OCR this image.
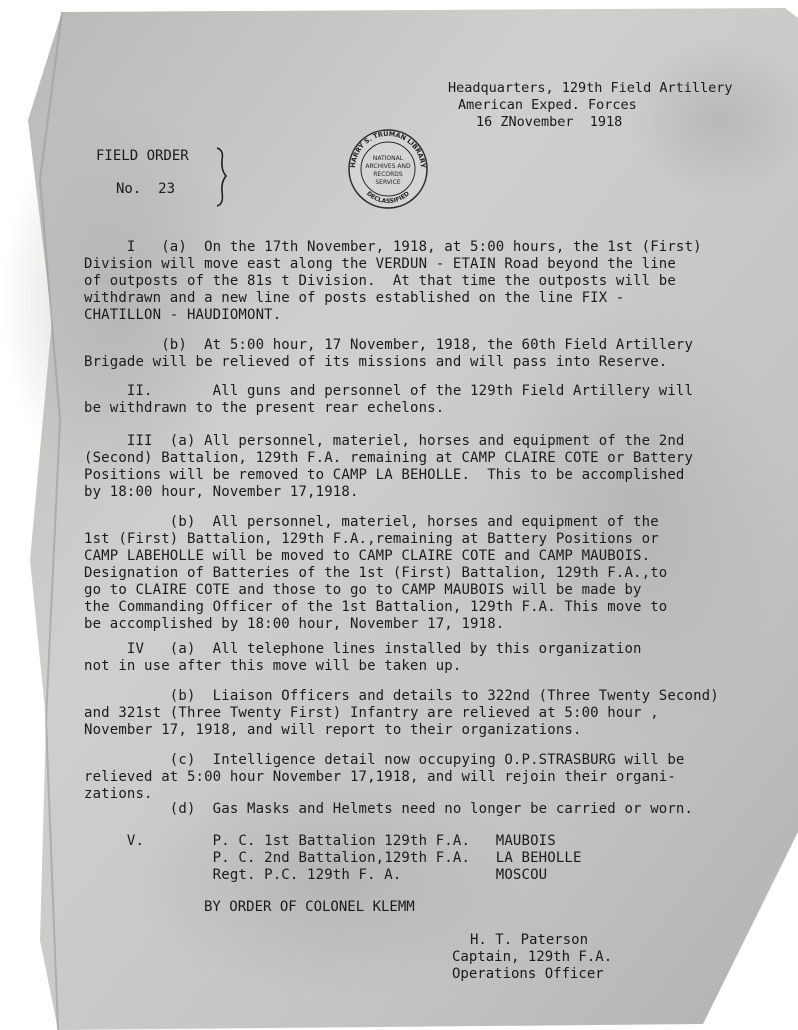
HARRY S. TRUMAN LIBRARY
DECLASSIFIED
NATIONAL
ARCHIVES AND
RECORDS
SERVICE
Headquarters, 129th Field Artillery
American Exped. Forces
16 ZNovember  1918
FIELD ORDER
No.  23
I   (a)  On the 17th November, 1918, at 5:00 hours, the 1st (First)
Division will move east along the VERDUN - ETAIN Road beyond the line
of outposts of the 81s t Division.  At that time the outposts will be
withdrawn and a new line of posts established on the line FIX -
CHATILLON - HAUDIOMONT.
(b)  At 5:00 hour, 17 November, 1918, the 60th Field Artillery
Brigade will be relieved of its missions and will pass into Reserve.
II.       All guns and personnel of the 129th Field Artillery will
be withdrawn to the present rear echelons.
III  (a) All personnel, materiel, horses and equipment of the 2nd
(Second) Battalion, 129th F.A. remaining at CAMP CLAIRE COTE or Battery
Positions will be removed to CAMP LA BEHOLLE.  This to be accomplished
by 18:00 hour, November 17,1918.
(b)  All personnel, materiel, horses and equipment of the
1st (First) Battalion, 129th F.A.,remaining at Battery Positions or
CAMP LABEHOLLE will be moved to CAMP CLAIRE COTE and CAMP MAUBOIS.
Designation of Batteries of the 1st (First) Battalion, 129th F.A.,to
go to CLAIRE COTE and those to go to CAMP MAUBOIS will be made by
the Commanding Officer of the 1st Battalion, 129th F.A. This move to
be accomplished by 18:00 hour, November 17, 1918.
IV   (a)  All telephone lines installed by this organization
not in use after this move will be taken up.
(b)  Liaison Officers and details to 322nd (Three Twenty Second)
and 321st (Three Twenty First) Infantry are relieved at 5:00 hour ,
November 17, 1918, and will report to their organizations.
(c)  Intelligence detail now occupying O.P.STRASBURG will be
relieved at 5:00 hour November 17,1918, and will rejoin their organi-
zations.
(d)  Gas Masks and Helmets need no longer be carried or worn.
V.        P. C. 1st Battalion 129th F.A.   MAUBOIS
P. C. 2nd Battalion,129th F.A.   LA BEHOLLE
Regt. P.C. 129th F. A.           MOSCOU
BY ORDER OF COLONEL KLEMM
H. T. Paterson
Captain, 129th F.A.
Operations Officer
